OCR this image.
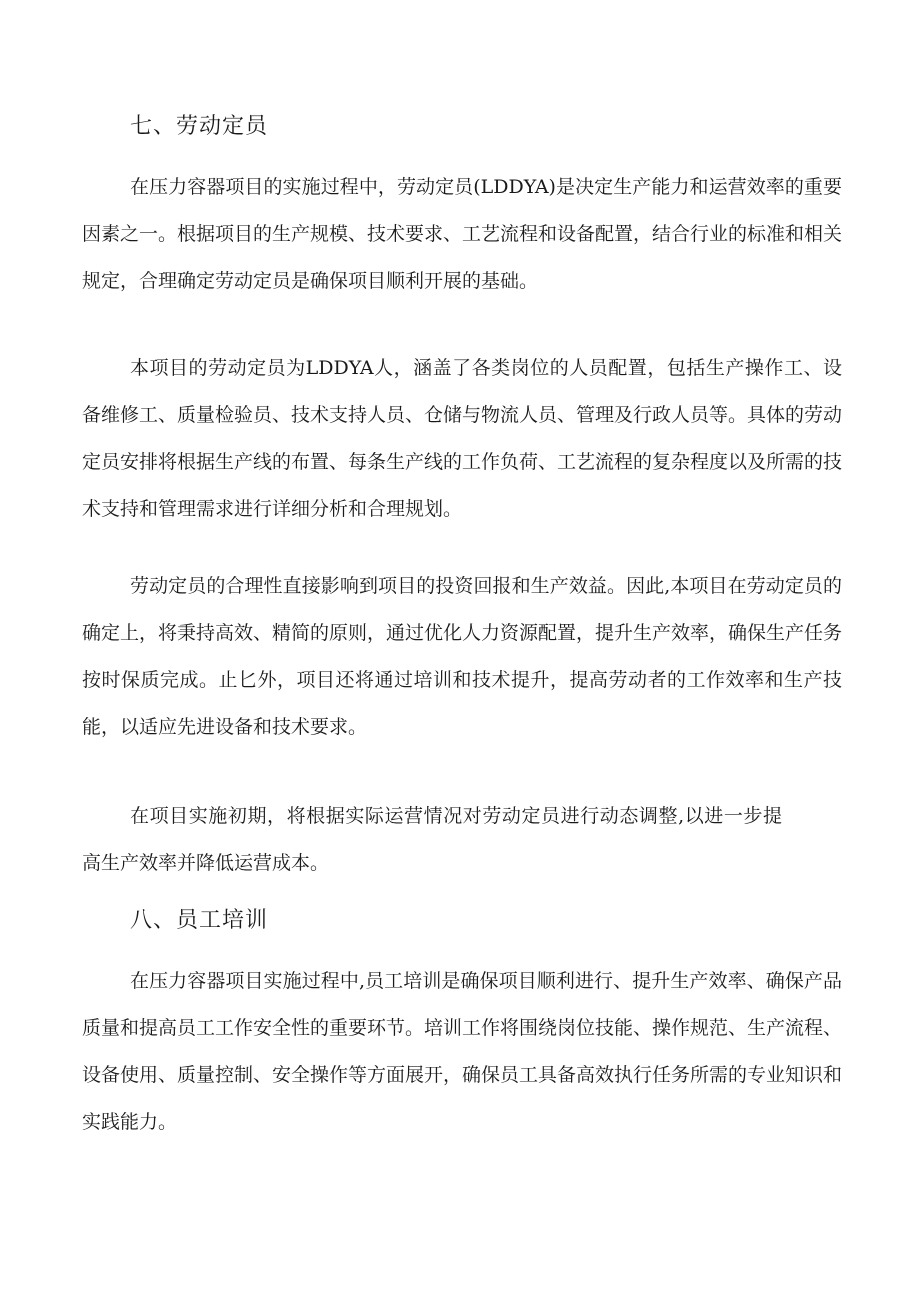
七、劳动定员

在压力容器项目的实施过程中，劳动定员(LDDYA)是决定生产能力和运营效率的重要因素之一。根据项目的生产规模、技术要求、工艺流程和设备配置，结合行业的标准和相关规定，合理确定劳动定员是确保项目顺利开展的基础。

本项目的劳动定员为LDDYA人，涵盖了各类岗位的人员配置，包括生产操作工、设备维修工、质量检验员、技术支持人员、仓储与物流人员、管理及行政人员等。具体的劳动定员安排将根据生产线的布置、每条生产线的工作负荷、工艺流程的复杂程度以及所需的技术支持和管理需求进行详细分析和合理规划。

劳动定员的合理性直接影响到项目的投资回报和生产效益。因此,本项目在劳动定员的确定上，将秉持高效、精简的原则，通过优化人力资源配置，提升生产效率，确保生产任务按时保质完成。止匕外，项目还将通过培训和技术提升，提高劳动者的工作效率和生产技能，以适应先进设备和技术要求。

在项目实施初期，将根据实际运营情况对劳动定员进行动态调整,以进一步提高生产效率并降低运营成本。

八、员工培训

在压力容器项目实施过程中,员工培训是确保项目顺利进行、提升生产效率、确保产品质量和提高员工工作安全性的重要环节。培训工作将围绕岗位技能、操作规范、生产流程、设备使用、质量控制、安全操作等方面展开，确保员工具备高效执行任务所需的专业知识和实践能力。
